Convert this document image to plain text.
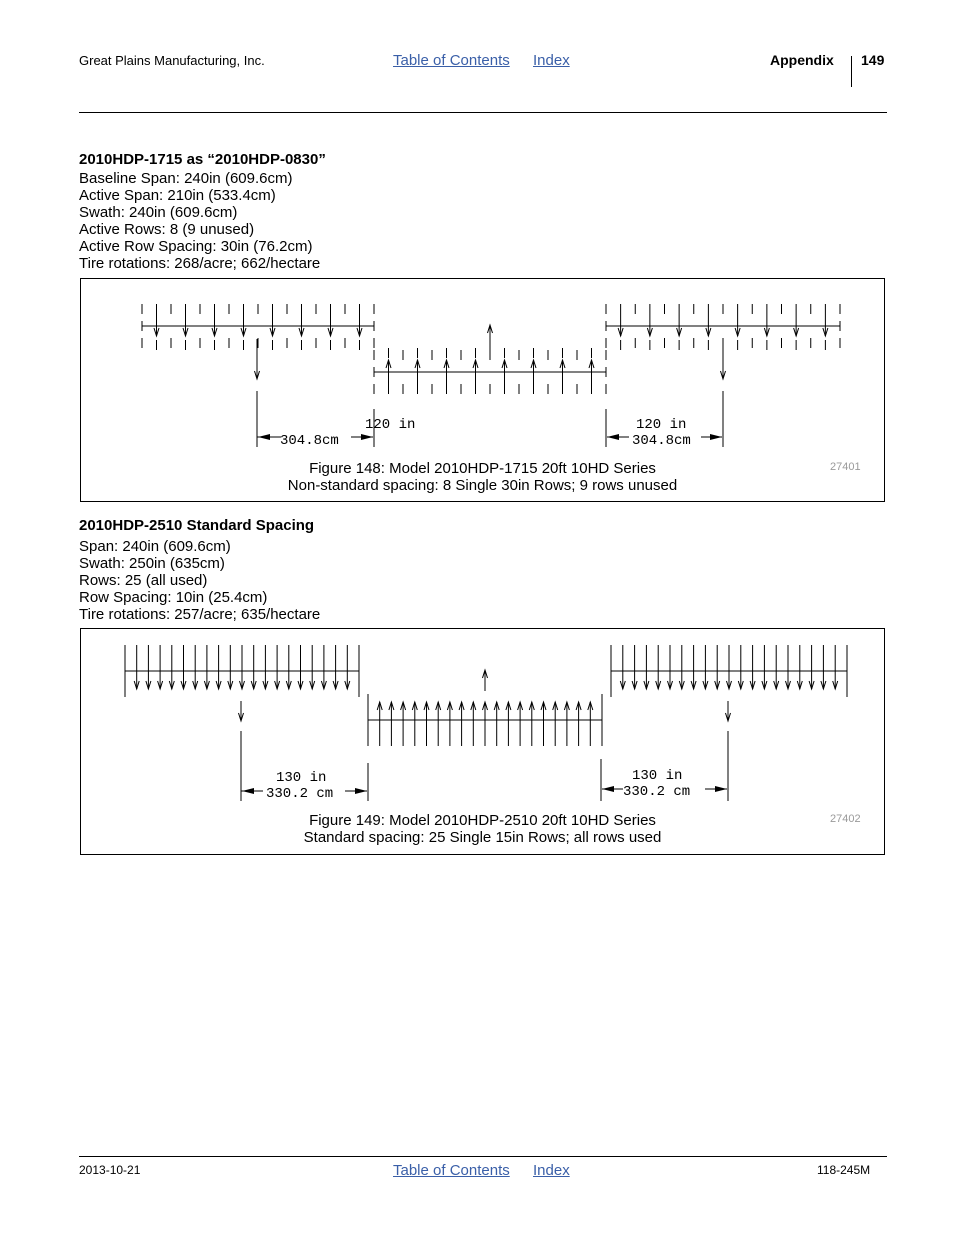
Great Plains Manufacturing, Inc.	Table of Contents Index	Appendix 149
2010HDP-1715 as “2010HDP-0830”
Baseline Span: 240in (609.6cm)
Active Span: 210in (533.4cm)
Swath: 240in (609.6cm)
Active Rows: 8 (9 unused)
Active Row Spacing: 30in (76.2cm)
Tire rotations: 268/acre; 662/hectare
120 in
304.8cm
120 in
304.8cm
Figure 148: Model 2010HDP-1715 20ft 10HD Series
Non-standard spacing: 8 Single 30in Rows; 9 rows unused
27401
2010HDP-2510 Standard Spacing
Span: 240in (609.6cm)
Swath: 250in (635cm)
Rows: 25 (all used)
Row Spacing: 10in (25.4cm)
Tire rotations: 257/acre; 635/hectare
130 in
330.2 cm
130 in
330.2 cm
Figure 149: Model 2010HDP-2510 20ft 10HD Series
Standard spacing: 25 Single 15in Rows; all rows used
27402
2013-10-21	Table of Contents Index	118-245M
